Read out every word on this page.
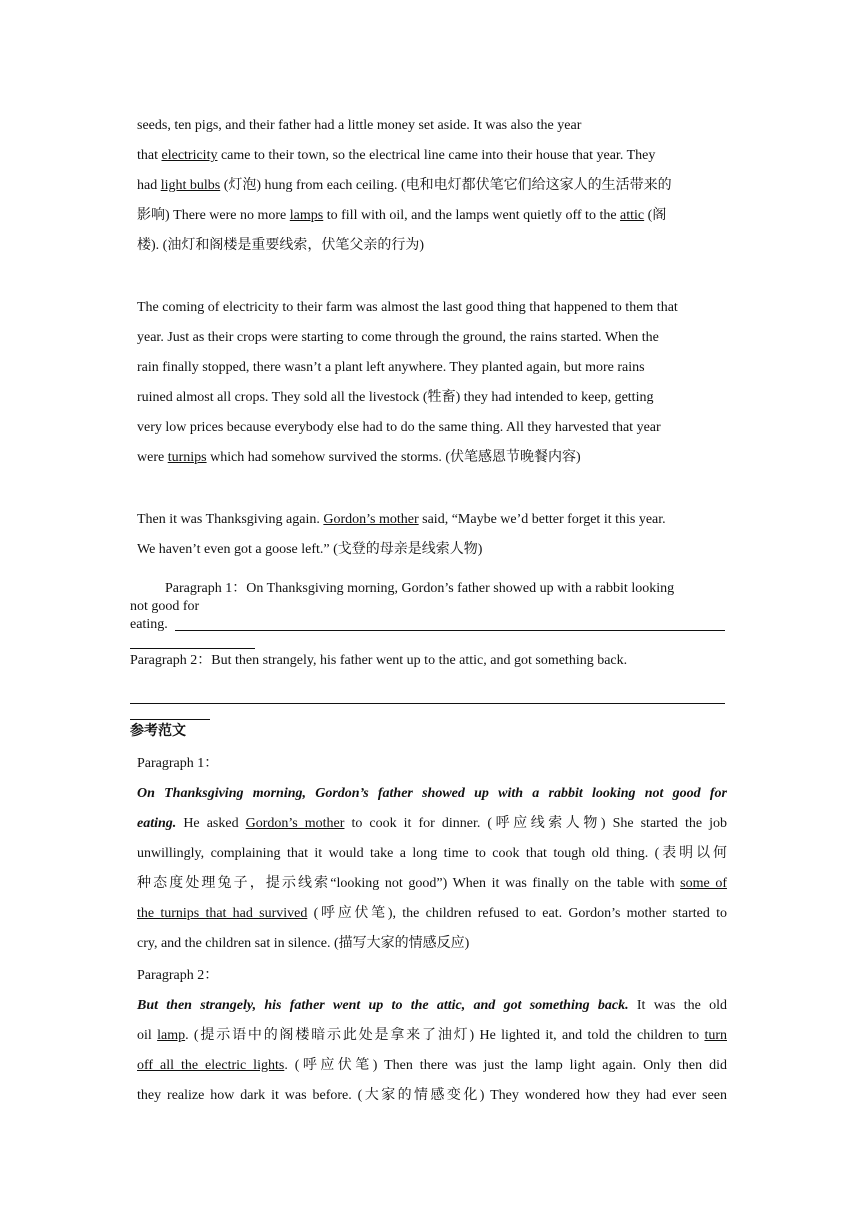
seeds, ten pigs, and their father had a little money set aside. It was also the year
that electricity came to their town, so the electrical line came into their house that year. They
had light bulbs (灯泡) hung from each ceiling. (电和电灯都伏笔它们给这家人的生活带来的
影响) There were no more lamps to fill with oil, and the lamps went quietly off to the attic (阁
楼). (油灯和阁楼是重要线索，伏笔父亲的行为)
The coming of electricity to their farm was almost the last good thing that happened to them that
year. Just as their crops were starting to come through the ground, the rains started. When the
rain finally stopped, there wasn’t a plant left anywhere. They planted again, but more rains
ruined almost all crops. They sold all the livestock (牲畜) they had intended to keep, getting
very low prices because everybody else had to do the same thing. All they harvested that year
were turnips which had somehow survived the storms. (伏笔感恩节晚餐内容)
Then it was Thanksgiving again. Gordon’s mother said, “Maybe we’d better forget it this year.
We haven’t even got a goose left.” (戈登的母亲是线索人物)
Paragraph 1：On Thanksgiving morning, Gordon’s father showed up with a rabbit looking
not good for
eating.
Paragraph 2：But then strangely, his father went up to the attic, and got something back.
参考范文
Paragraph 1：
On Thanksgiving morning, Gordon’s father showed up with a rabbit looking not good for
eating. He asked Gordon’s mother to cook it for dinner. (呼应线索人物) She started the job
unwillingly, complaining that it would take a long time to cook that tough old thing. (表明以何
种态度处理兔子，提示线索“looking not good”) When it was finally on the table with some of
the turnips that had survived (呼应伏笔), the children refused to eat. Gordon’s mother started to
cry, and the children sat in silence. (描写大家的情感反应)
Paragraph 2：
But then strangely, his father went up to the attic, and got something back. It was the old
oil lamp. (提示语中的阁楼暗示此处是拿来了油灯) He lighted it, and told the children to turn
off all the electric lights. (呼应伏笔) Then there was just the lamp light again. Only then did
they realize how dark it was before. (大家的情感变化) They wondered how they had ever seen
